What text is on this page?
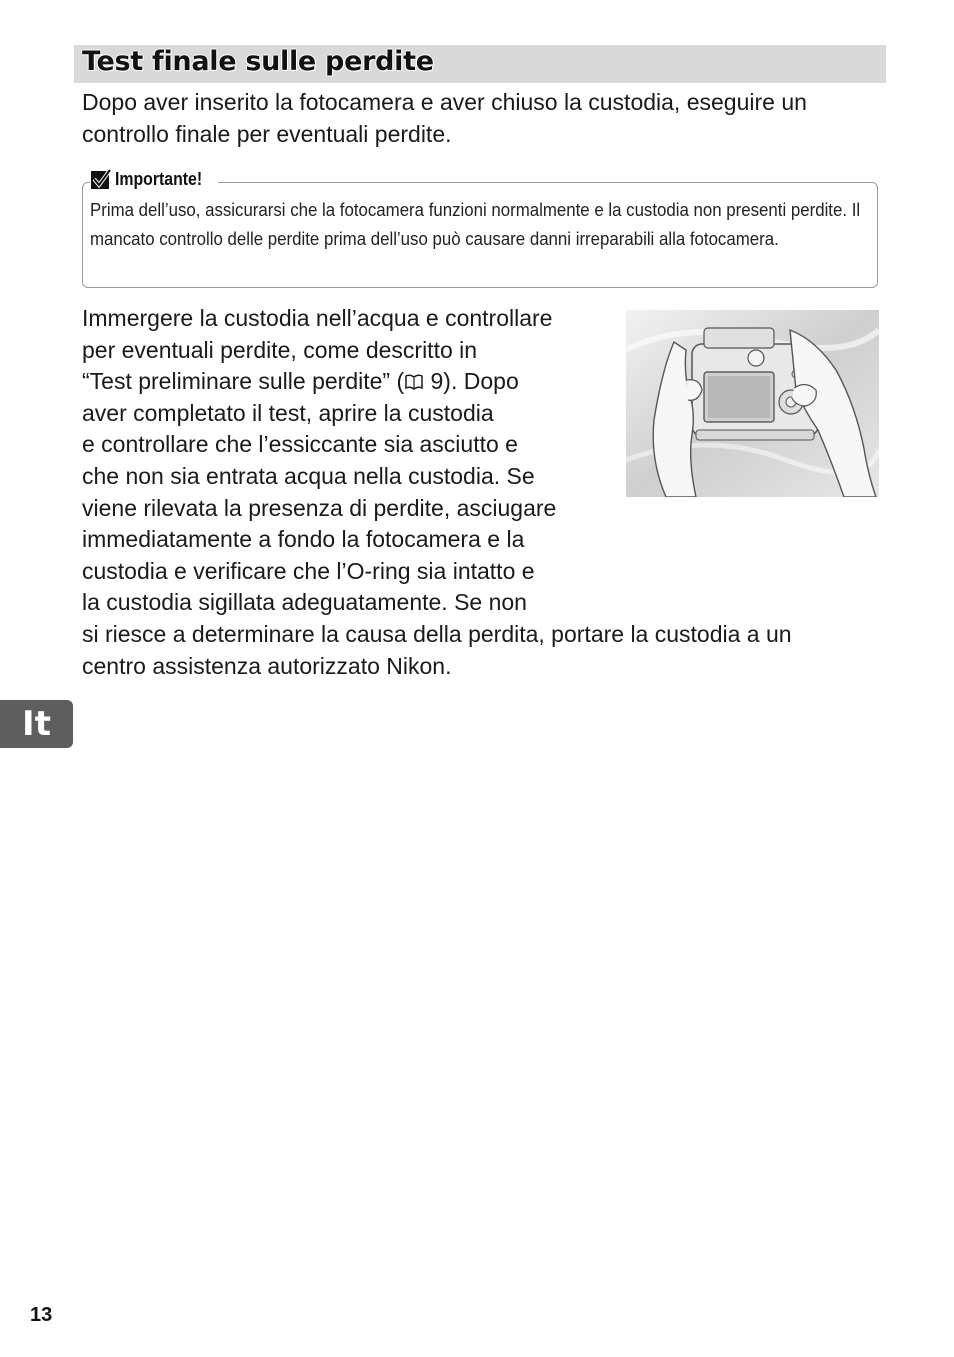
Test finale sulle perdite

Dopo aver inserito la fotocamera e aver chiuso la custodia, eseguire un controllo finale per eventuali perdite.

Importante!

Prima dell’uso, assicurarsi che la fotocamera funzioni normalmente e la custodia non presenti perdite. Il mancato controllo delle perdite prima dell’uso può causare danni irreparabili alla fotocamera.

Immergere la custodia nell’acqua e controllare
per eventuali perdite, come descritto in
“Test preliminare sulle perdite” ( 9). Dopo
aver completato il test, aprire la custodia
e controllare che l’essiccante sia asciutto e
che non sia entrata acqua nella custodia. Se
viene rilevata la presenza di perdite, asciugare
immediatamente a fondo la fotocamera e la
custodia e verificare che l’O-ring sia intatto e
la custodia sigillata adeguatamente. Se non
si riesce a determinare la causa della perdita, portare la custodia a un
centro assistenza autorizzato Nikon.

It
13
